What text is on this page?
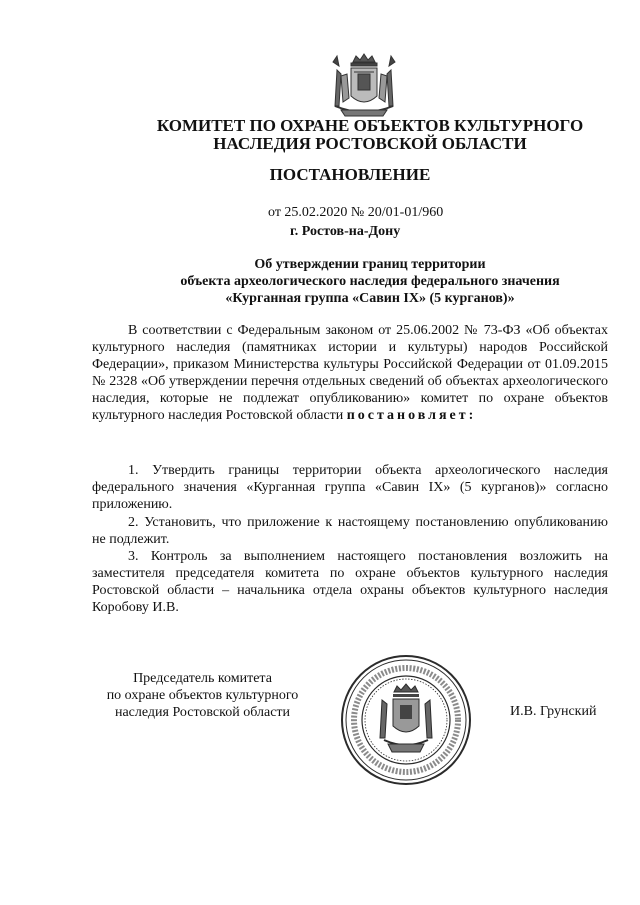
КОМИТЕТ ПО ОХРАНЕ ОБЪЕКТОВ КУЛЬТУРНОГО
НАСЛЕДИЯ РОСТОВСКОЙ ОБЛАСТИ

ПОСТАНОВЛЕНИЕ

от 25.02.2020 № 20/01-01/960

г. Ростов-на-Дону

Об утверждении границ территории
объекта археологического наследия федерального значения
«Курганная группа «Савин IX» (5 курганов)»

В соответствии с Федеральным законом от 25.06.2002 № 73-ФЗ «Об объектах культурного наследия (памятниках истории и культуры) народов Российской Федерации», приказом Министерства культуры Российской Федерации от 01.09.2015 № 2328 «Об утверждении перечня отдельных сведений об объектах археологического наследия, которые не подлежат опубликованию» комитет по охране объектов культурного наследия Ростовской области постановляет:

1. Утвердить границы территории объекта археологического наследия федерального значения «Курганная группа «Савин IX» (5 курганов)» согласно приложению.

2. Установить, что приложение к настоящему постановлению опубликованию не подлежит.

3. Контроль за выполнением настоящего постановления возложить на заместителя председателя комитета по охране объектов культурного наследия Ростовской области – начальника отдела охраны объектов культурного наследия Коробову И.В.

Председатель комитета
по охране объектов культурного
наследия Ростовской области	И.В. Грунский
